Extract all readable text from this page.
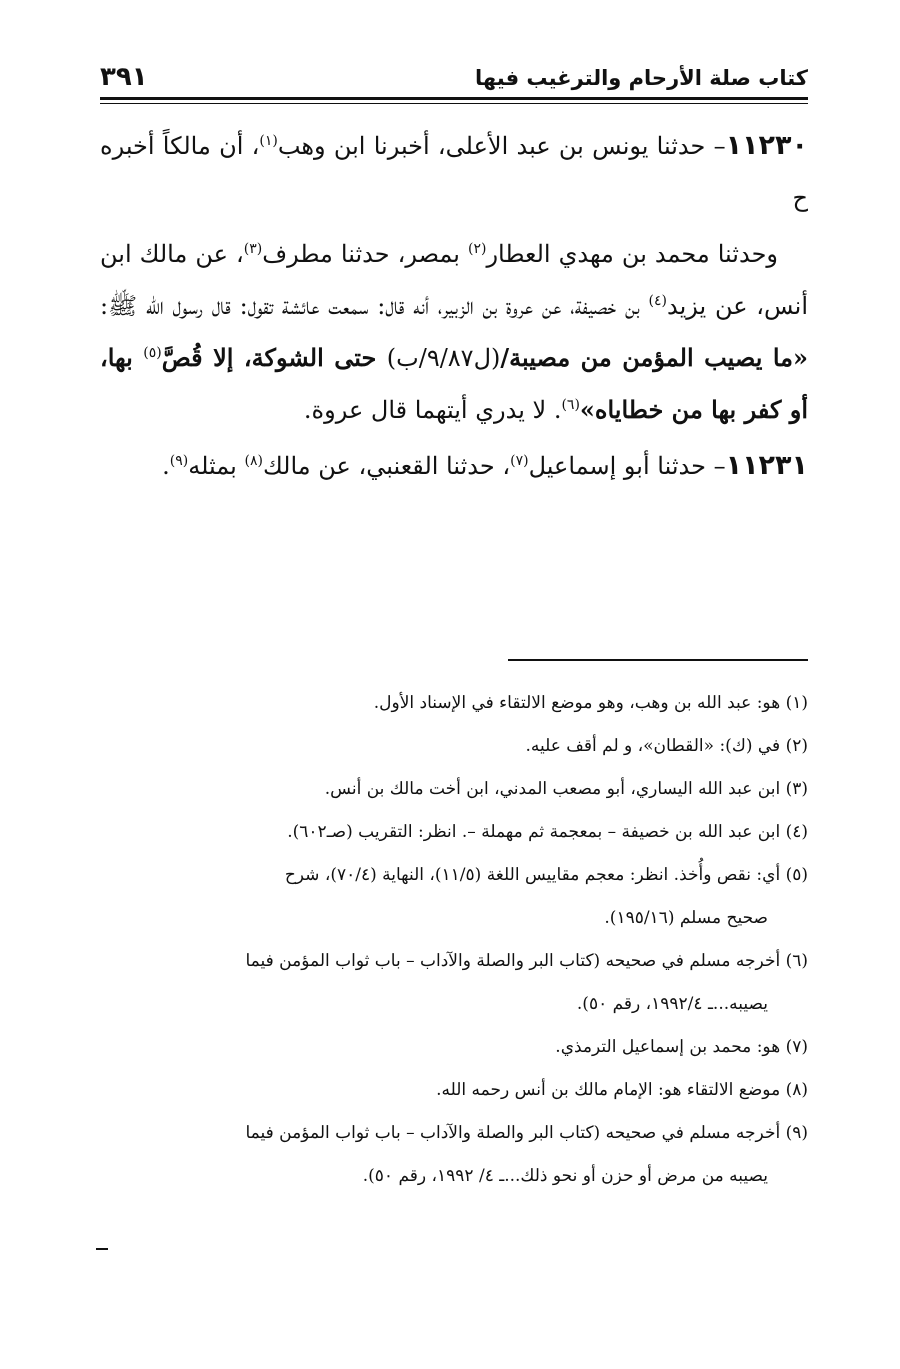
كتاب صلة الأرحام والترغيب فيها
٣٩١

١١٢٣٠– حدثنا يونس بن عبد الأعلى، أخبرنا ابن وهب$^{(١)}$، أن مالكاً أخبره ح

وحدثنا محمد بن مهدي العطار$^{(٢)}$ بمصر، حدثنا مطرف$^{(٣)}$، عن مالك ابن أنس، عن يزيد$^{(٤)}$ بن خصيفة، عن عروة بن الزبير، أنه قال: سمعت عائشة تقول: قال رسول الله ﷺ: «ما يصيب المؤمن من مصيبة/(ل٩/٨٧/ب) حتى الشوكة، إلا قُصَّ$^{(٥)}$ بها، أو كفر بها من خطاياه»$^{(٦)}$. لا يدري أيتهما قال عروة.

١١٢٣١– حدثنا أبو إسماعيل$^{(٧)}$، حدثنا القعنبي، عن مالك$^{(٨)}$ بمثله$^{(٩)}$.

(١) هو: عبد الله بن وهب، وهو موضع الالتقاء في الإسناد الأول.

(٢) في (ك): «القطان»، و لم أقف عليه.

(٣) ابن عبد الله اليساري، أبو مصعب المدني، ابن أخت مالك بن أنس.

(٤) ابن عبد الله بن خصيفة – بمعجمة ثم مهملة –. انظر: التقريب (صـ٦٠٢).

(٥) أي: نقص وأُخذ. انظر: معجم مقاييس اللغة (١١/٥)، النهاية (٧٠/٤)، شرح
صحيح مسلم (١٩٥/١٦).

(٦) أخرجه مسلم في صحيحه (كتاب البر والصلة والآداب – باب ثواب المؤمن فيما
يصيبه...ـ ١٩٩٢/٤، رقم ٥٠).

(٧) هو: محمد بن إسماعيل الترمذي.

(٨) موضع الالتقاء هو: الإمام مالك بن أنس رحمه الله.

(٩) أخرجه مسلم في صحيحه (كتاب البر والصلة والآداب – باب ثواب المؤمن فيما
يصيبه من مرض أو حزن أو نحو ذلك...ـ ٤/ ١٩٩٢، رقم ٥٠).
